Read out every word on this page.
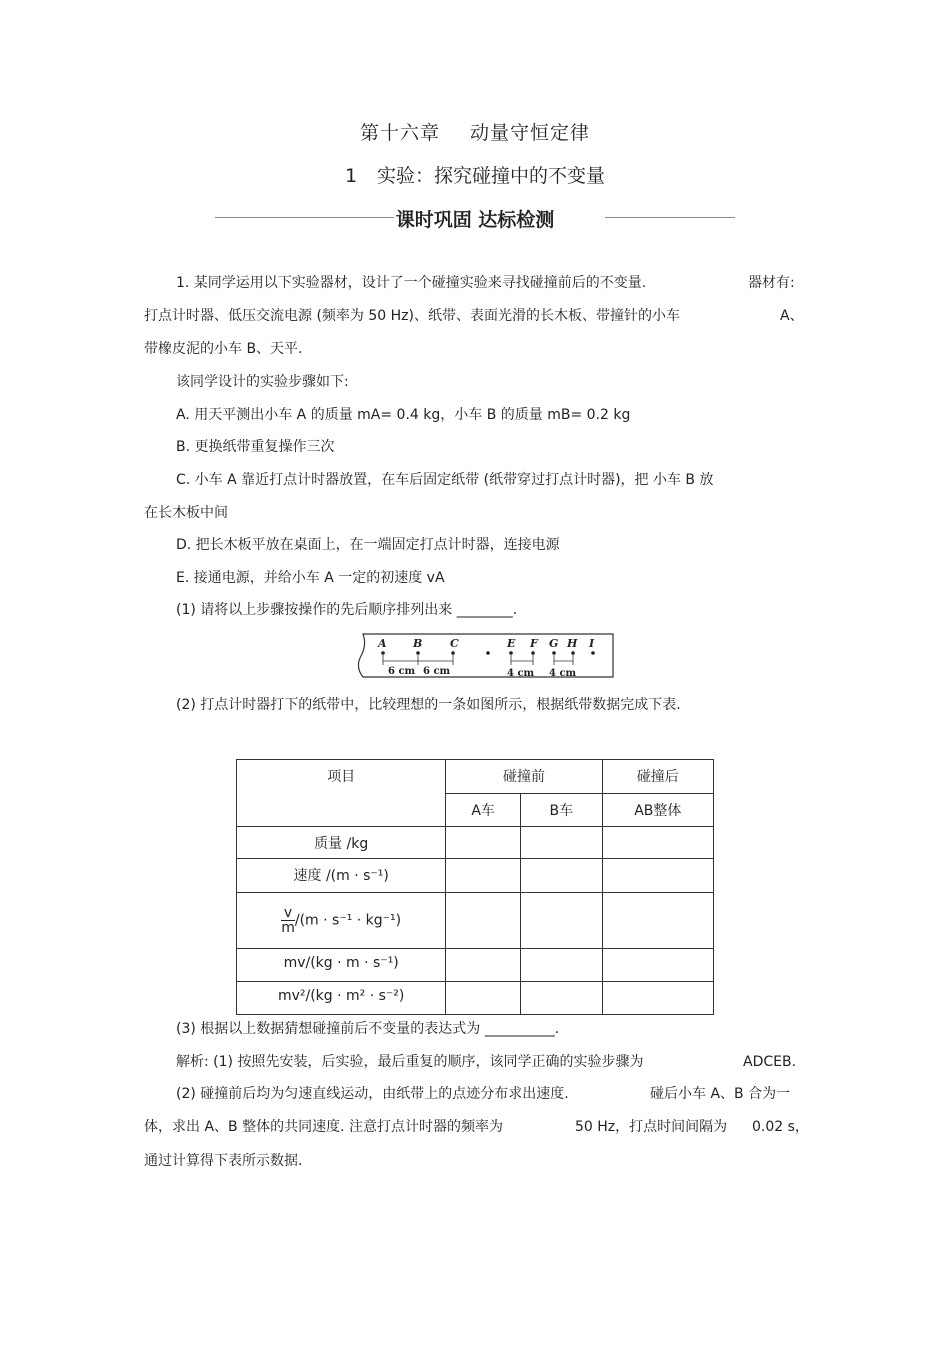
第十六章 动量守恒定律
1 实验：探究碰撞中的不变量
课时巩固 达标检测
1. 某同学运用以下实验器材，设计了一个碰撞实验来寻找碰撞前后的不变量.	器材有:
打点计时器、低压交流电源 (频率为 50 Hz)、纸带、表面光滑的长木板、带撞针的小车	A、
带橡皮泥的小车 B、天平.
该同学设计的实验步骤如下:
A. 用天平测出小车 A 的质量 mA= 0.4 kg，小车 B 的质量 mB= 0.2 kg
B. 更换纸带重复操作三次
C. 小车 A 靠近打点计时器放置，在车后固定纸带 (纸带穿过打点计时器)，把 小车 B 放
在长木板中间
D. 把长木板平放在桌面上，在一端固定打点计时器，连接电源
E. 接通电源，并给小车 A 一定的初速度 vA
(1) 请将以上步骤按操作的先后顺序排列出来 ________.
A B	C	E F G H I
6 cm 6 cm	4 cm 4 cm
(2) 打点计时器打下的纸带中，比较理想的一条如图所示，根据纸带数据完成下表.
项目	碰撞前		碰撞后
	A车	B车	AB整体
质量 /kg			
速度 /(m · s⁻¹)			

$\frac{v}{m} /(m \cdot s^{-1} \cdot kg^{-1})$			
mv/(kg · m · s⁻¹)			
mv²/(kg · m² · s⁻²)			
(3) 根据以上数据猜想碰撞前后不变量的表达式为 __________.
解析: (1) 按照先安装，后实验，最后重复的顺序，该同学正确的实验步骤为	ADCEB.
(2) 碰撞前后均为匀速直线运动，由纸带上的点迹分布求出速度.	碰后小车 A、B 合为一
体，求出 A、B 整体的共同速度. 注意打点计时器的频率为	50 Hz，打点时间间隔为 0.02 s，
通过计算得下表所示数据.
